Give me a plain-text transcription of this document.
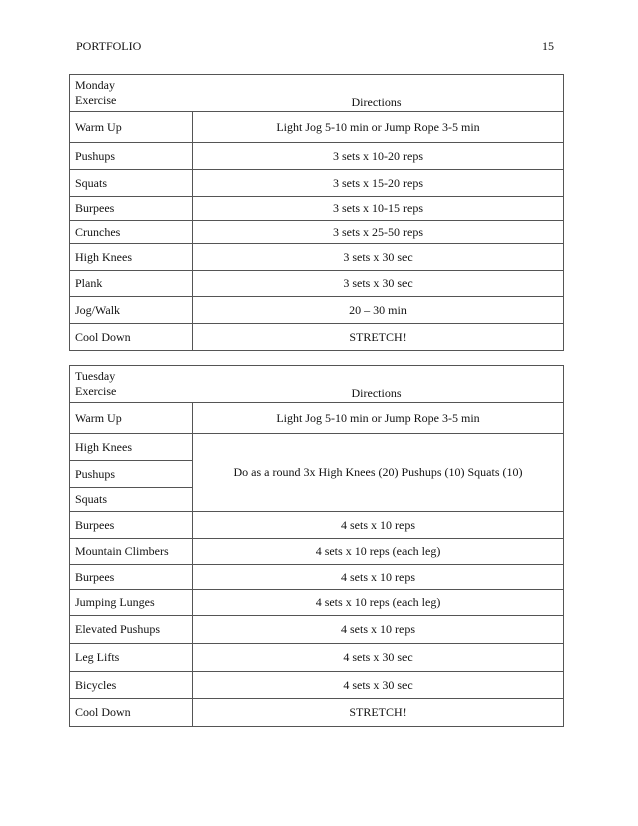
PORTFOLIO	15
Monday
Exercise	Directions
Warm Up	Light Jog 5-10 min or Jump Rope 3-5 min
Pushups	3 sets x 10-20 reps
Squats	3 sets x 15-20 reps
Burpees	3 sets x 10-15 reps
Crunches	3 sets x 25-50 reps
High Knees	3 sets x 30 sec
Plank	3 sets x 30 sec
Jog/Walk	20 – 30 min
Cool Down	STRETCH!
Tuesday
Exercise	Directions
Warm Up	Light Jog 5-10 min or Jump Rope 3-5 min
High Knees	Do as a round 3x High Knees (20) Pushups (10) Squats (10)
Pushups	
Squats	
Burpees	4 sets x 10 reps
Mountain Climbers	4 sets x 10 reps (each leg)
Burpees	4 sets x 10 reps
Jumping Lunges	4 sets x 10 reps (each leg)
Elevated Pushups	4 sets x 10 reps
Leg Lifts	4 sets x 30 sec
Bicycles	4 sets x 30 sec
Cool Down	STRETCH!
